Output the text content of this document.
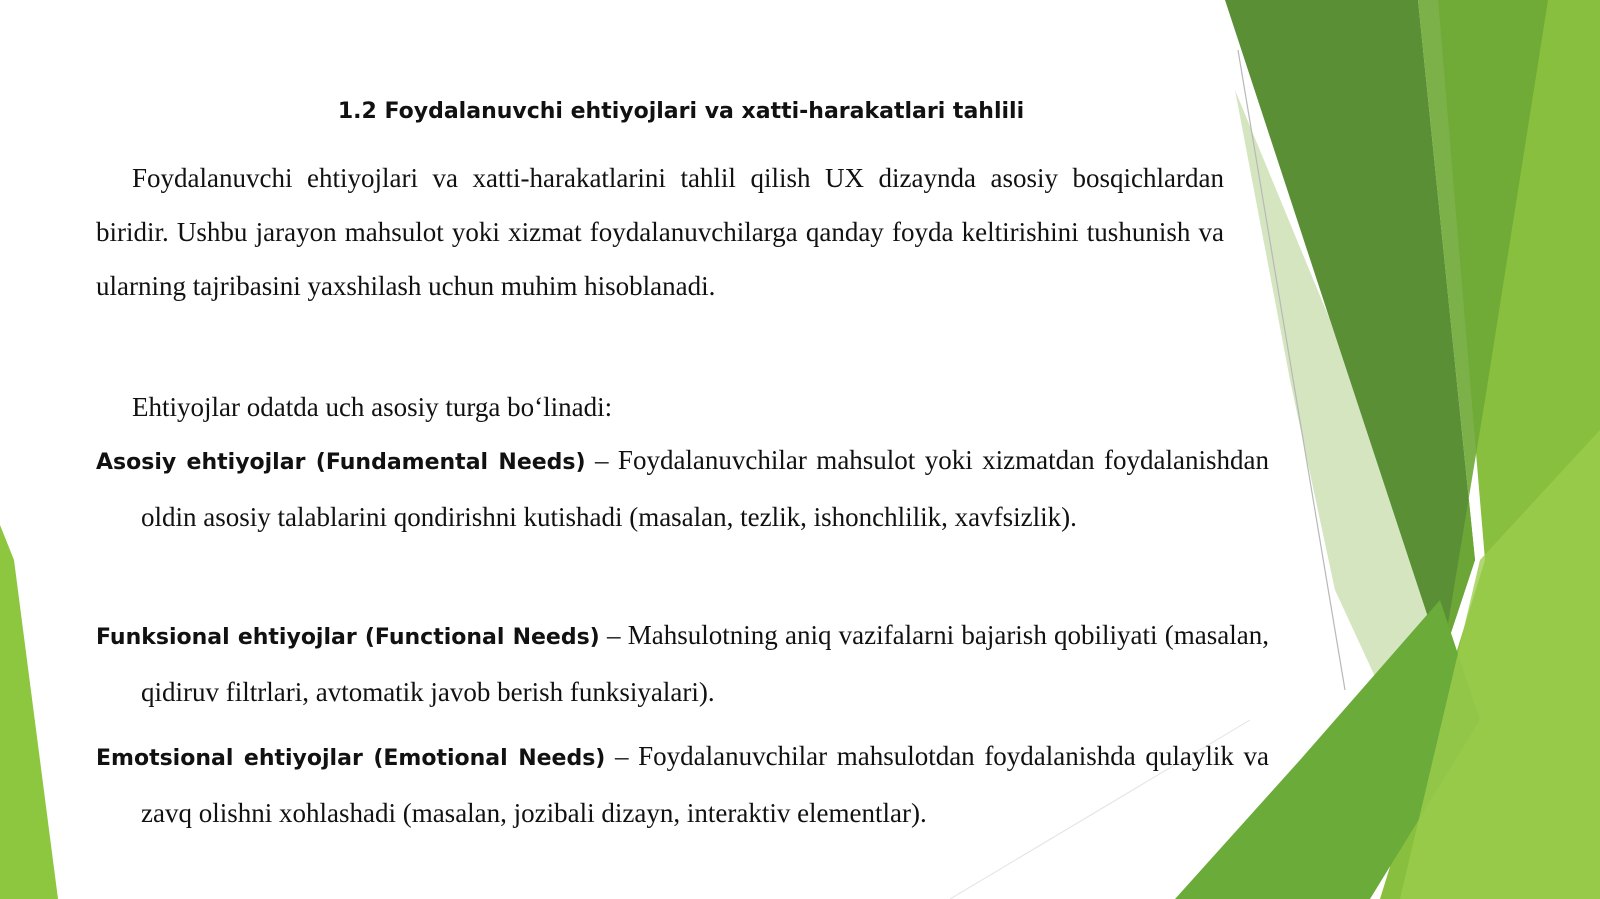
1.2 Foydalanuvchi ehtiyojlari va xatti-harakatlari tahlili

Foydalanuvchi ehtiyojlari va xatti-harakatlarini tahlil qilish UX dizaynda asosiy bosqichlardan biridir. Ushbu jarayon mahsulot yoki xizmat foydalanuvchilarga qanday foyda keltirishini tushunish va ularning tajribasini yaxshilash uchun muhim hisoblanadi.

Ehtiyojlar odatda uch asosiy turga bo‘linadi:

Asosiy ehtiyojlar (Fundamental Needs) – Foydalanuvchilar mahsulot yoki xizmatdan foydalanishdan oldin asosiy talablarini qondirishni kutishadi (masalan, tezlik, ishonchlilik, xavfsizlik).

Funksional ehtiyojlar (Functional Needs) – Mahsulotning aniq vazifalarni bajarish qobiliyati (masalan, qidiruv filtrlari, avtomatik javob berish funksiyalari).

Emotsional ehtiyojlar (Emotional Needs) – Foydalanuvchilar mahsulotdan foydalanishda qulaylik va zavq olishni xohlashadi (masalan, jozibali dizayn, interaktiv elementlar).
